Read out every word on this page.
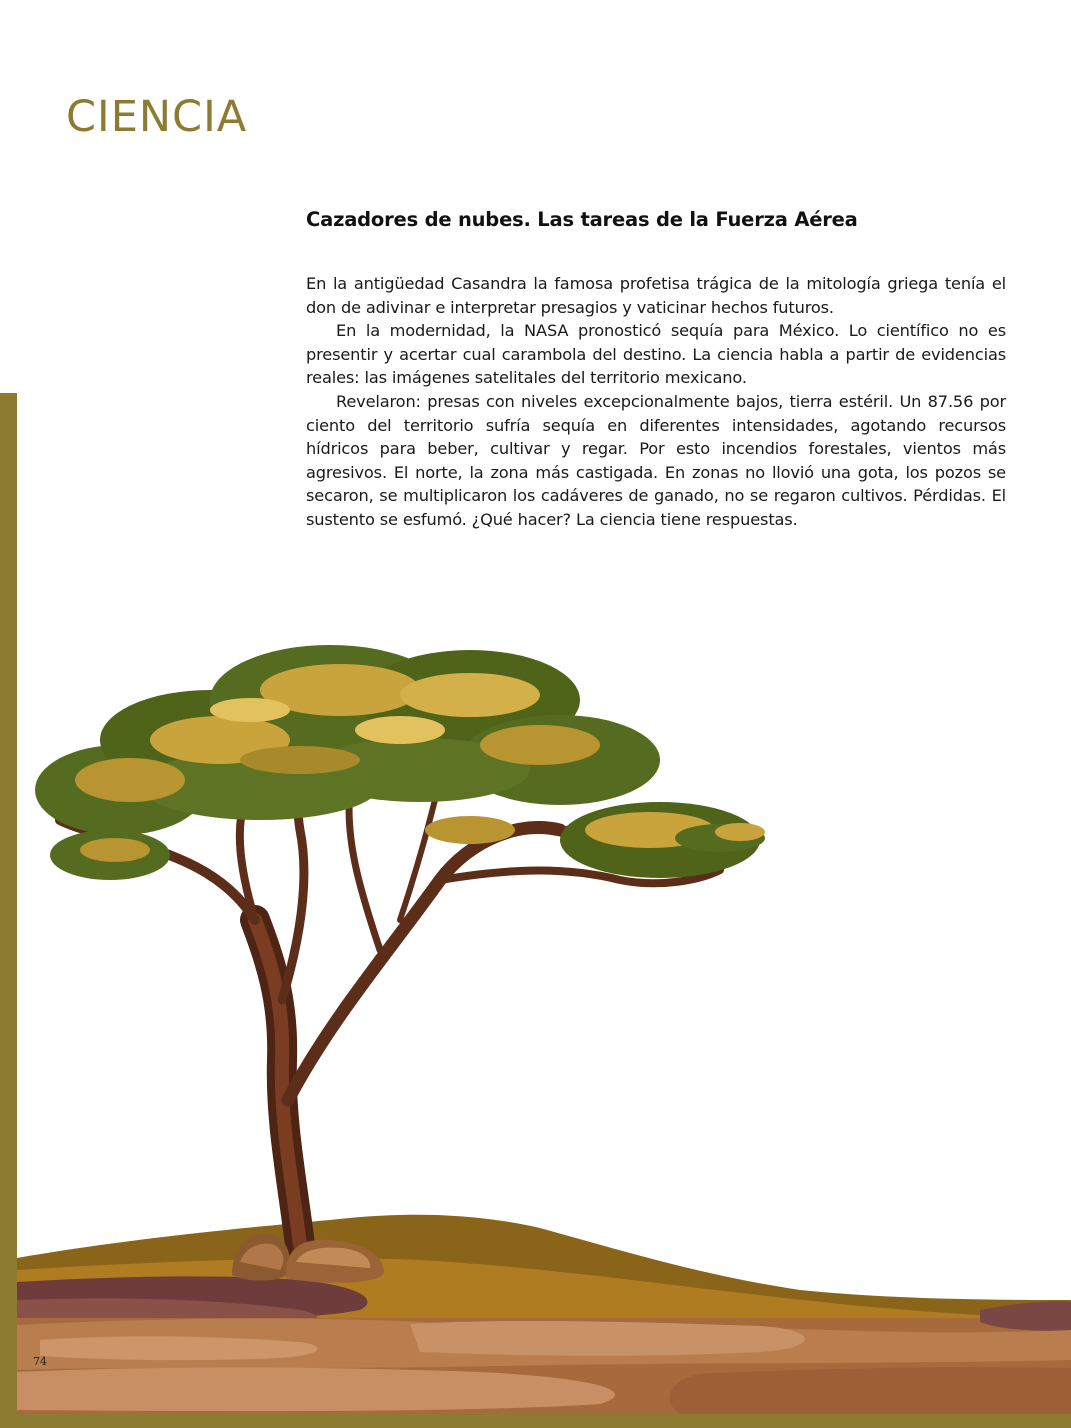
CIENCIA
Cazadores de nubes. Las tareas de la Fuerza Aérea

En la antigüedad Casandra la famosa profetisa trágica de la mitología griega tenía el don de adivinar e interpretar presagios y vaticinar hechos futuros.

En la modernidad, la NASA pronosticó sequía para México. Lo científico no es presentir y acertar cual carambola del destino. La ciencia habla a partir de evidencias reales: las imágenes satelitales del territorio mexicano.

Revelaron: presas con niveles excepcionalmente bajos, tierra estéril. Un 87.56 por ciento del territorio sufría sequía en diferentes intensidades, agotando recursos hídricos para beber, cultivar y regar. Por esto incendios forestales, vientos más agresivos. El norte, la zona más castigada. En zonas no llovió una gota, los pozos se secaron, se multiplicaron los cadáveres de ganado, no se regaron cultivos. Pérdidas. El sustento se esfumó. ¿Qué hacer? La ciencia tiene respuestas.

74
